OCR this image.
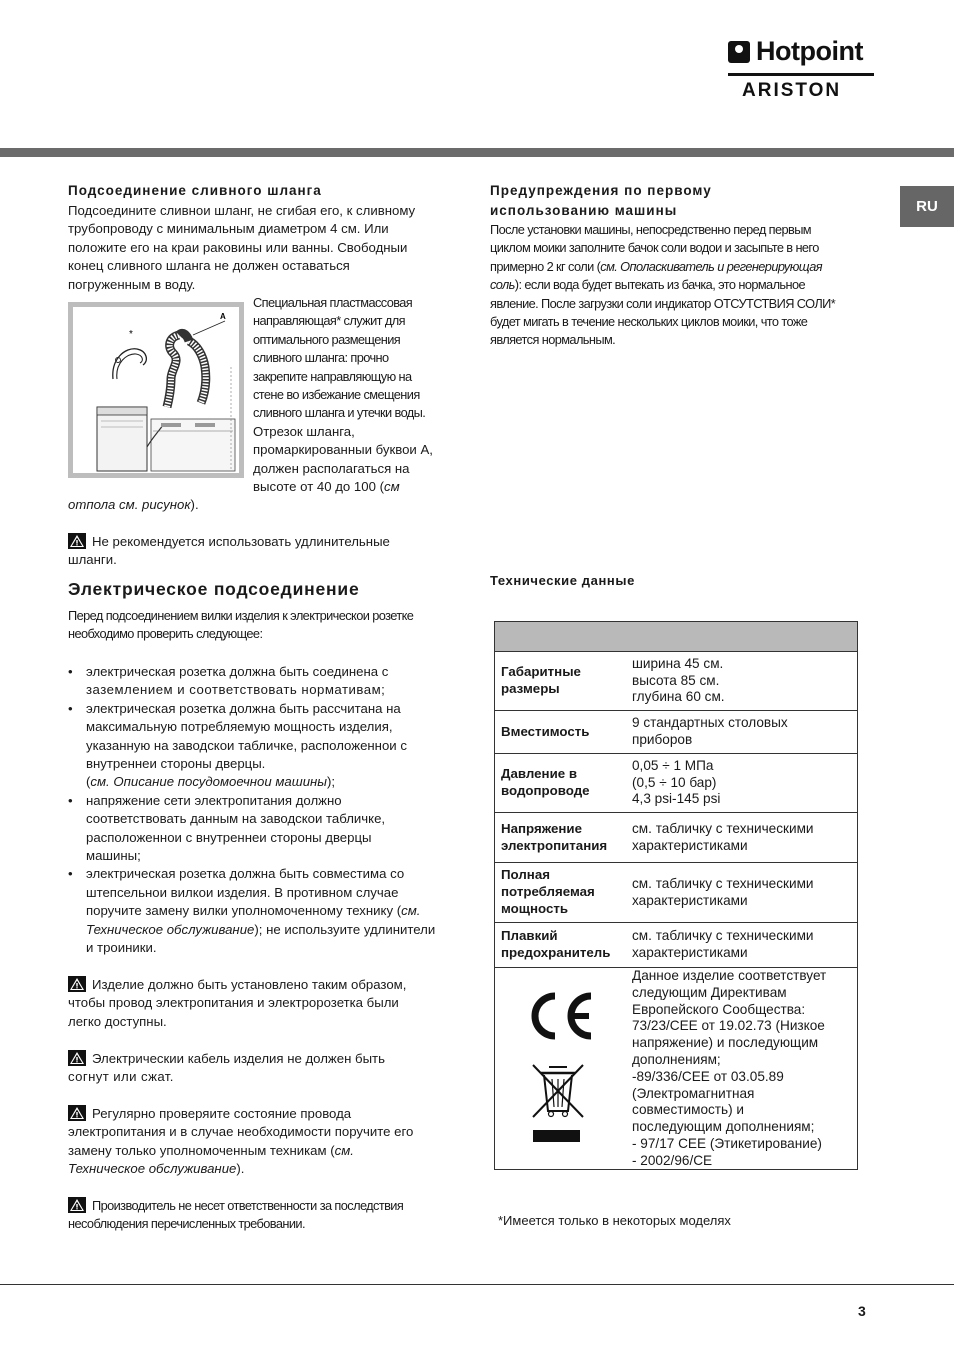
Hotpoint
ARISTON
RU
Подсоединение сливного шланга
Подсоедините сливнои шланг, не сгибая его, к сливному
трубопроводу с минимальным диаметром 4 см. Или
положите его на краи раковины или ванны. Свободныи
конец сливного шланга не должен оставаться
погруженным в воду.
A
*
Специальная пластмассовая
направляющая* служит для
оптимального размещения
сливного шланга: прочно
закрепите направляющую на
стене во избежание смещения
сливного шланга и утечки воды.
Отрезок шланга,
промаркированныи буквои А,
должен располагаться на
высоте от 40 до 100 (см
отпола см. рисунок).
Не рекомендуется использовать удлинительные
шланги.
Электрическое подсоединение
Перед подсоединением вилки изделия к электрическои розетке
необходимо проверить следующее:
• электрическая розетка должна быть соединена с
заземлением и соответствовать нормативам;
• электрическая розетка должна быть рассчитана на
максимальную потребляемую мощность изделия,
указанную на заводскои табличке, расположеннои с
внутреннеи стороны дверцы.
(см. Описание посудомоечнои машины);
• напряжение сети электропитания должно
соответствовать данным на заводскои табличке,
расположеннои с внутреннеи стороны дверцы
машины;
• электрическая розетка должна быть совместима со
штепсельнои вилкои изделия. В противном случае
поручите замену вилки уполномоченному технику (см.
Техническое обслуживание); не используите удлинители
и троиники.
Изделие должно быть установлено таким образом,
чтобы провод электропитания и электророзетка были
легко доступны.
Электрическии кабель изделия не должен быть
согнут или сжат.
Регулярно проверяите состояние провода
электропитания и в случае необходимости поручите его
замену только уполномоченным техникам (см.
Техническое обслуживание).
Производитель не несет ответственности за последствия
несоблюдения перечисленных требовании.
Предупреждения по первому
использованию машины
После установки машины, непосредственно перед первым
циклом моики заполните бачок соли водои и засыпьте в него
примерно 2 кг соли (см. Ополаскиватель и регенерирующая
соль): если вода будет вытекать из бачка, это нормальное
явление. После загрузки соли индикатор ОТСУТСТВИЯ СОЛИ*
будет мигать в течение нескольких циклов моики, что тоже
является нормальным.
Технические данные
Габаритные
размеры
ширина 45 см.
высота 85 см.
глубина 60 см.
Вместимость
9 стандартных столовых
приборов
Давление в
водопроводе
0,05 ÷ 1 МПа
(0,5 ÷ 10 бар)
4,3 psi-145 psi
Напряжение
электропитания
см. табличку с техническими
характеристиками
Полная
потребляемая
мощность
см. табличку с техническими
характеристиками
Плавкий
предохранитель
см. табличку с техническими
характеристиками
Данное изделие соответствует
следующим Директивам
Европейского Сообщества:
73/23/CEE от 19.02.73 (Низкое
напряжение) и последующим
дополнениям;
-89/336/CEE от 03.05.89
(Электромагнитная
совместимость) и
последующим дополнениям;
- 97/17 CEE (Этикетирование)
- 2002/96/CE
*Имеется только в некоторых моделях
3
